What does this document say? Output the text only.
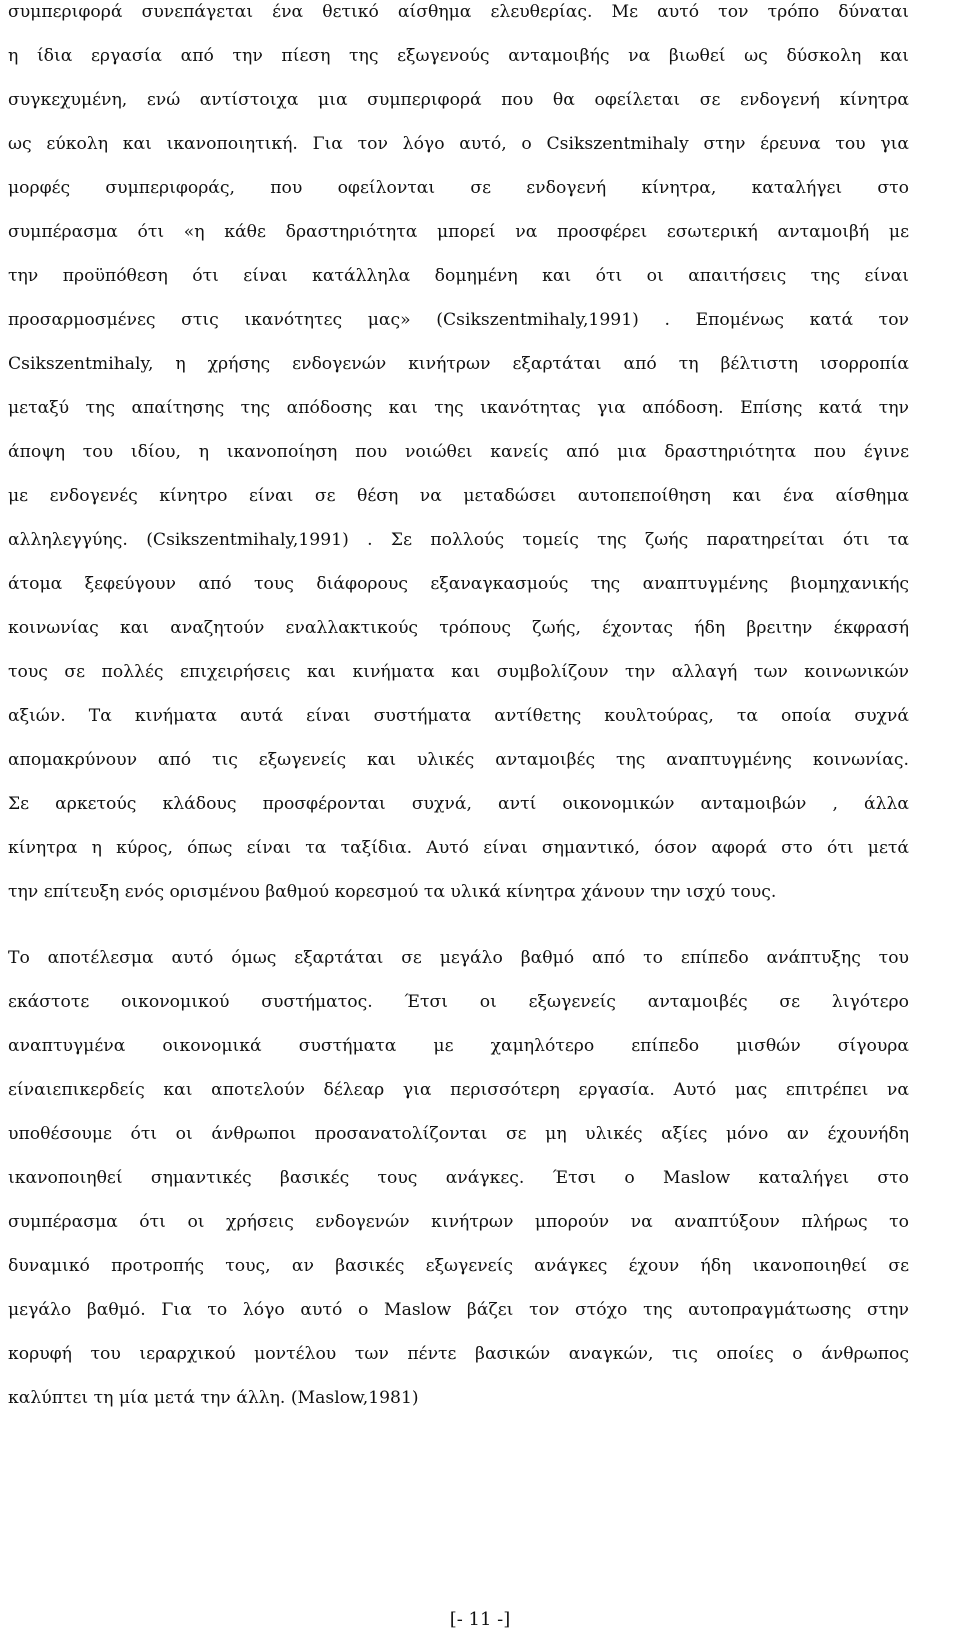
συμπεριφορά συνεπάγεται ένα θετικό αίσθημα ελευθερίας. Με αυτό τον τρόπο δύναται
η ίδια εργασία από την πίεση της εξωγενούς ανταμοιβής να βιωθεί ως δύσκολη και
συγκεχυμένη, ενώ αντίστοιχα μια συμπεριφορά που θα οφείλεται σε ενδογενή κίνητρα
ως εύκολη και ικανοποιητική. Για τον λόγο αυτό, ο Csikszentmihaly στην έρευνα του για
μορφές συμπεριφοράς, που οφείλονται σε ενδογενή κίνητρα, καταλήγει στο
συμπέρασμα ότι «η κάθε δραστηριότητα μπορεί να προσφέρει εσωτερική ανταμοιβή με
την προϋπόθεση ότι είναι κατάλληλα δομημένη και ότι οι απαιτήσεις της είναι
προσαρμοσμένες στις ικανότητες μας» (Csikszentmihaly,1991) . Επομένως κατά τον
Csikszentmihaly, η χρήσης ενδογενών κινήτρων εξαρτάται από τη βέλτιστη ισορροπία
μεταξύ της απαίτησης της απόδοσης και της ικανότητας για απόδοση. Επίσης κατά την
άποψη του ιδίου, η ικανοποίηση που νοιώθει κανείς από μια δραστηριότητα που έγινε
με ενδογενές κίνητρο είναι σε θέση να μεταδώσει αυτοπεποίθηση και ένα αίσθημα
αλληλεγγύης. (Csikszentmihaly,1991) . Σε πολλούς τομείς της ζωής παρατηρείται ότι τα
άτομα ξεφεύγουν από τους διάφορους εξαναγκασμούς της αναπτυγμένης βιομηχανικής
κοινωνίας και αναζητούν εναλλακτικούς τρόπους ζωής, έχοντας ήδη βρειτην έκφρασή
τους σε πολλές επιχειρήσεις και κινήματα και συμβολίζουν την αλλαγή των κοινωνικών
αξιών. Τα κινήματα αυτά είναι συστήματα αντίθετης κουλτούρας, τα οποία συχνά
απομακρύνουν από τις εξωγενείς και υλικές ανταμοιβές της αναπτυγμένης κοινωνίας.
Σε αρκετούς κλάδους προσφέρονται συχνά, αντί οικονομικών ανταμοιβών , άλλα
κίνητρα η κύρος, όπως είναι τα ταξίδια. Αυτό είναι σημαντικό, όσον αφορά στο ότι μετά
την επίτευξη ενός ορισμένου βαθμού κορεσμού τα υλικά κίνητρα χάνουν την ισχύ τους.
Το αποτέλεσμα αυτό όμως εξαρτάται σε μεγάλο βαθμό από το επίπεδο ανάπτυξης του
εκάστοτε οικονομικού συστήματος. Έτσι οι εξωγενείς ανταμοιβές σε λιγότερο
αναπτυγμένα οικονομικά συστήματα με χαμηλότερο επίπεδο μισθών σίγουρα
είναιεπικερδείς και αποτελούν δέλεαρ για περισσότερη εργασία. Αυτό μας επιτρέπει να
υποθέσουμε ότι οι άνθρωποι προσανατολίζονται σε μη υλικές αξίες μόνο αν έχουνήδη
ικανοποιηθεί σημαντικές βασικές τους ανάγκες. Έτσι ο Maslow καταλήγει στο
συμπέρασμα ότι οι χρήσεις ενδογενών κινήτρων μπορούν να αναπτύξουν πλήρως το
δυναμικό προτροπής τους, αν βασικές εξωγενείς ανάγκες έχουν ήδη ικανοποιηθεί σε
μεγάλο βαθμό. Για το λόγο αυτό ο Maslow βάζει τον στόχο της αυτοπραγμάτωσης στην
κορυφή του ιεραρχικού μοντέλου των πέντε βασικών αναγκών, τις οποίες ο άνθρωπος
καλύπτει τη μία μετά την άλλη. (Maslow,1981)
[- 11 -]
